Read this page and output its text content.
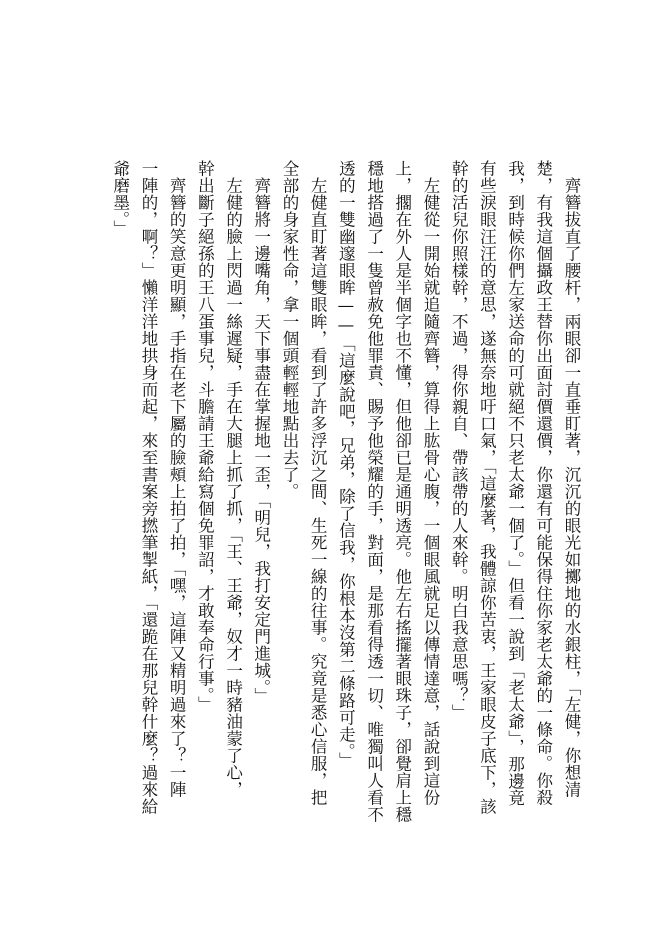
　齊簪拔直了腰杆，兩眼卻一直垂盯著，沉沉的眼光如擲地的水銀柱，「左健，你想清

楚，有我這個攝政王替你出面討價還價，你還有可能保得住你家老太爺的一條命。你殺

我，到時候你們左家送命的可就絕不只老太爺一個了。」但看一說到「老太爺」，那邊竟

有些淚眼汪汪的意思，遂無奈地吁口氣，「這麼著，我體諒你苦衷，王家眼皮子底下，該

幹的活兒你照樣幹，不過，得你親自、帶該帶的人來幹。明白我意思嗎？」

　左健從一開始就追隨齊簪，算得上肱骨心腹，一個眼風就足以傳情達意，話說到這份

上，擱在外人是半個字也不懂，但他卻已是通明透亮。他左右搖擺著眼珠子，卻覺肩上穩

穩地搭過了一隻曾赦免他罪責、賜予他榮耀的手，對面，是那看得透一切、唯獨叫人看不

透的一雙幽邃眼眸——「這麼說吧，兄弟，除了信我，你根本沒第二條路可走。」

　左健直盯著這雙眼眸，看到了許多浮沉之間、生死一線的往事。究竟是悉心信服，把

全部的身家性命，拿一個頭輕輕地點出去了。

　齊簪將一邊嘴角，天下事盡在掌握地一歪，「明兒，我打安定門進城。」

　左健的臉上閃過一絲遲疑，手在大腿上抓了抓，「王、王爺，奴才一時豬油蒙了心，

幹出斷子絕孫的王八蛋事兒，斗膽請王爺給寫個免罪詔，才敢奉命行事。」

　齊簪的笑意更明顯，手指在老下屬的臉頰上拍了拍，「嘿，這陣又精明過來了？一陣

一陣的，啊？」懶洋洋地拱身而起，來至書案旁撚筆掣紙，「還跪在那兒幹什麼？過來給

爺磨墨。」
